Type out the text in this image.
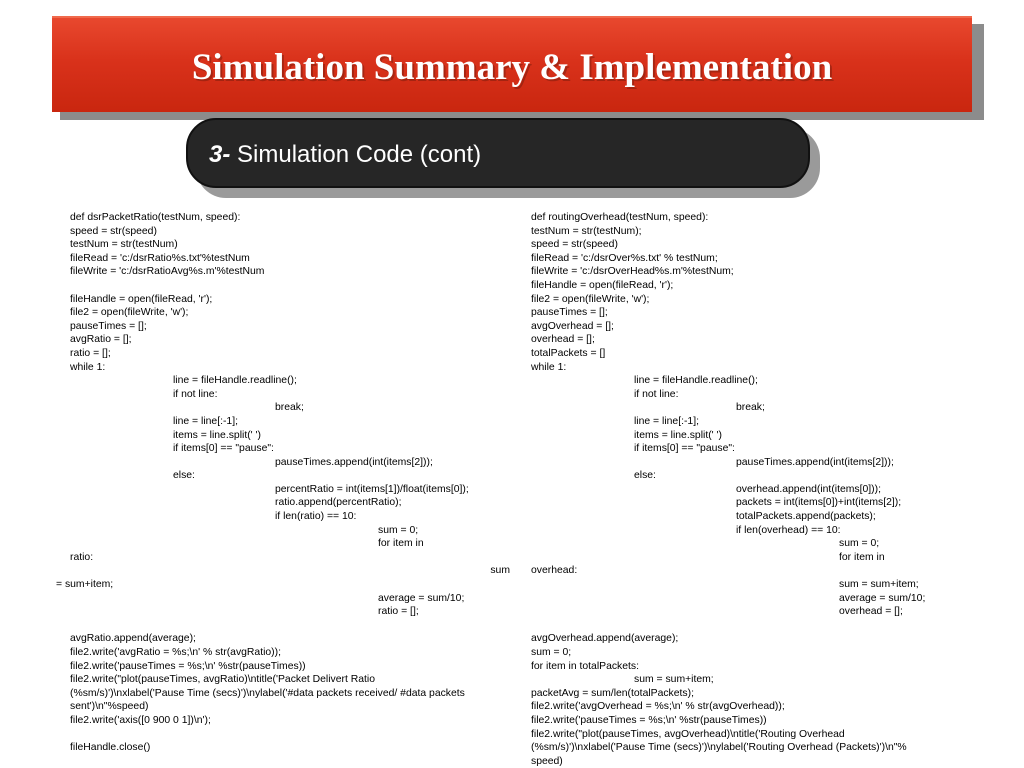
Simulation Summary & Implementation
3- Simulation Code (cont)
def dsrPacketRatio(testNum, speed):
speed = str(speed)
testNum = str(testNum)
fileRead = 'c:/dsrRatio%s.txt'%testNum
fileWrite = 'c:/dsrRatioAvg%s.m'%testNum
fileHandle = open(fileRead, 'r');
file2 = open(fileWrite, 'w');
pauseTimes = [];
avgRatio = [];
ratio = [];
while 1:
line = fileHandle.readline();
if not line:
break;
line = line[:-1];
items = line.split(' ')
if items[0] == "pause":
pauseTimes.append(int(items[2]));
else:
percentRatio = int(items[1])/float(items[0]);
ratio.append(percentRatio);
if len(ratio) == 10:
sum = 0;
for item in
ratio:
sum
= sum+item;
average = sum/10;
ratio = [];
avgRatio.append(average);
file2.write('avgRatio = %s;\n' % str(avgRatio));
file2.write('pauseTimes = %s;\n' %str(pauseTimes))
file2.write("plot(pauseTimes, avgRatio)\ntitle('Packet Delivert Ratio
(%sm/s)')\nxlabel('Pause Time (secs)')\nylabel('#data packets received/ #data packets
sent')\n"%speed)
file2.write('axis([0 900 0 1])\n');
fileHandle.close()
def routingOverhead(testNum, speed):
testNum = str(testNum);
speed = str(speed)
fileRead = 'c:/dsrOver%s.txt' % testNum;
fileWrite = 'c:/dsrOverHead%s.m'%testNum;
fileHandle = open(fileRead, 'r');
file2 = open(fileWrite, 'w');
pauseTimes = [];
avgOverhead = [];
overhead = [];
totalPackets = []
while 1:
line = fileHandle.readline();
if not line:
break;
line = line[:-1];
items = line.split(' ')
if items[0] == "pause":
pauseTimes.append(int(items[2]));
else:
overhead.append(int(items[0]));
packets = int(items[0])+int(items[2]);
totalPackets.append(packets);
if len(overhead) == 10:
sum = 0;
for item in
overhead:
sum = sum+item;
average = sum/10;
overhead = [];
avgOverhead.append(average);
sum = 0;
for item in totalPackets:
sum = sum+item;
packetAvg = sum/len(totalPackets);
file2.write('avgOverhead = %s;\n' % str(avgOverhead));
file2.write('pauseTimes = %s;\n' %str(pauseTimes))
file2.write("plot(pauseTimes, avgOverhead)\ntitle('Routing Overhead
(%sm/s)')\nxlabel('Pause Time (secs)')\nylabel('Routing Overhead (Packets)')\n"%
speed)
